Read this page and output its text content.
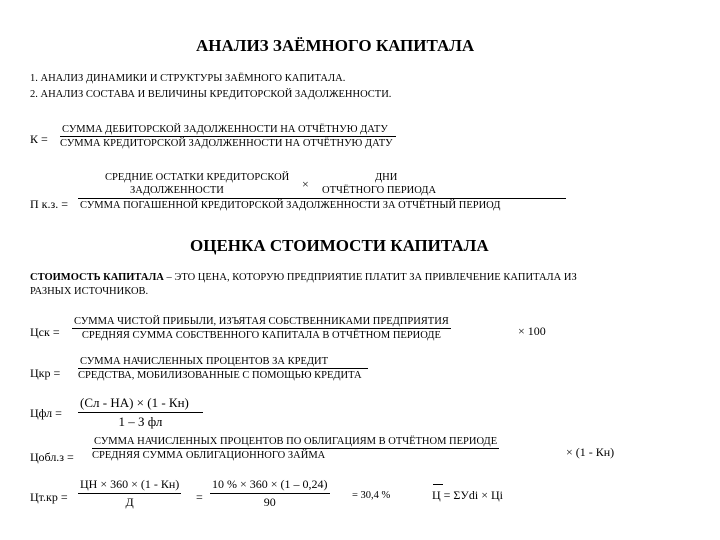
АНАЛИЗ ЗАЁМНОГО КАПИТАЛА
1. АНАЛИЗ ДИНАМИКИ И СТРУКТУРЫ ЗАЁМНОГО КАПИТАЛА.
2. АНАЛИЗ СОСТАВА И ВЕЛИЧИНЫ КРЕДИТОРСКОЙ ЗАДОЛЖЕННОСТИ.
К =
СУММА ДЕБИТОРСКОЙ ЗАДОЛЖЕННОСТИ НА ОТЧЁТНУЮ ДАТУ
СУММА КРЕДИТОРСКОЙ ЗАДОЛЖЕННОСТИ НА ОТЧЁТНУЮ ДАТУ
СРЕДНИЕ ОСТАТКИ КРЕДИТОРСКОЙ
ЗАДОЛЖЕННОСТИ	×	ДНИ
ОТЧЁТНОГО ПЕРИОДА
П к.з. = СУММА ПОГАШЕННОЙ КРЕДИТОРСКОЙ ЗАДОЛЖЕННОСТИ ЗА ОТЧЁТНЫЙ ПЕРИОД
ОЦЕНКА СТОИМОСТИ КАПИТАЛА
СТОИМОСТЬ КАПИТАЛА – ЭТО ЦЕНА, КОТОРУЮ ПРЕДПРИЯТИЕ ПЛАТИТ ЗА ПРИВЛЕЧЕНИЕ КАПИТАЛА ИЗ
РАЗНЫХ ИСТОЧНИКОВ.
Цск =
СУММА ЧИСТОЙ ПРИБЫЛИ, ИЗЪЯТАЯ СОБСТВЕННИКАМИ ПРЕДПРИЯТИЯ
СРЕДНЯЯ СУММА СОБСТВЕННОГО КАПИТАЛА В ОТЧЁТНОМ ПЕРИОДЕ	× 100
Цкр =
СУММА НАЧИСЛЕННЫХ ПРОЦЕНТОВ ЗА КРЕДИТ
СРЕДСТВА, МОБИЛИЗОВАННЫЕ С ПОМОЩЬЮ КРЕДИТА
Цфл =
(Сл - НА) × (1 - Кн)
1 – З фл
Цобл.з =
СУММА НАЧИСЛЕННЫХ ПРОЦЕНТОВ ПО ОБЛИГАЦИЯМ В ОТЧЁТНОМ ПЕРИОДЕ
СРЕДНЯЯ СУММА ОБЛИГАЦИОННОГО ЗАЙМА	× (1 - Кн)
Цт.кр =
ЦН × 360 × (1 - Кн)
Д	= $\frac{10 \% \times 360 \times (1 - 0,24)}{90} = 30,4$ %	Ц = ΣУdi × Ці
